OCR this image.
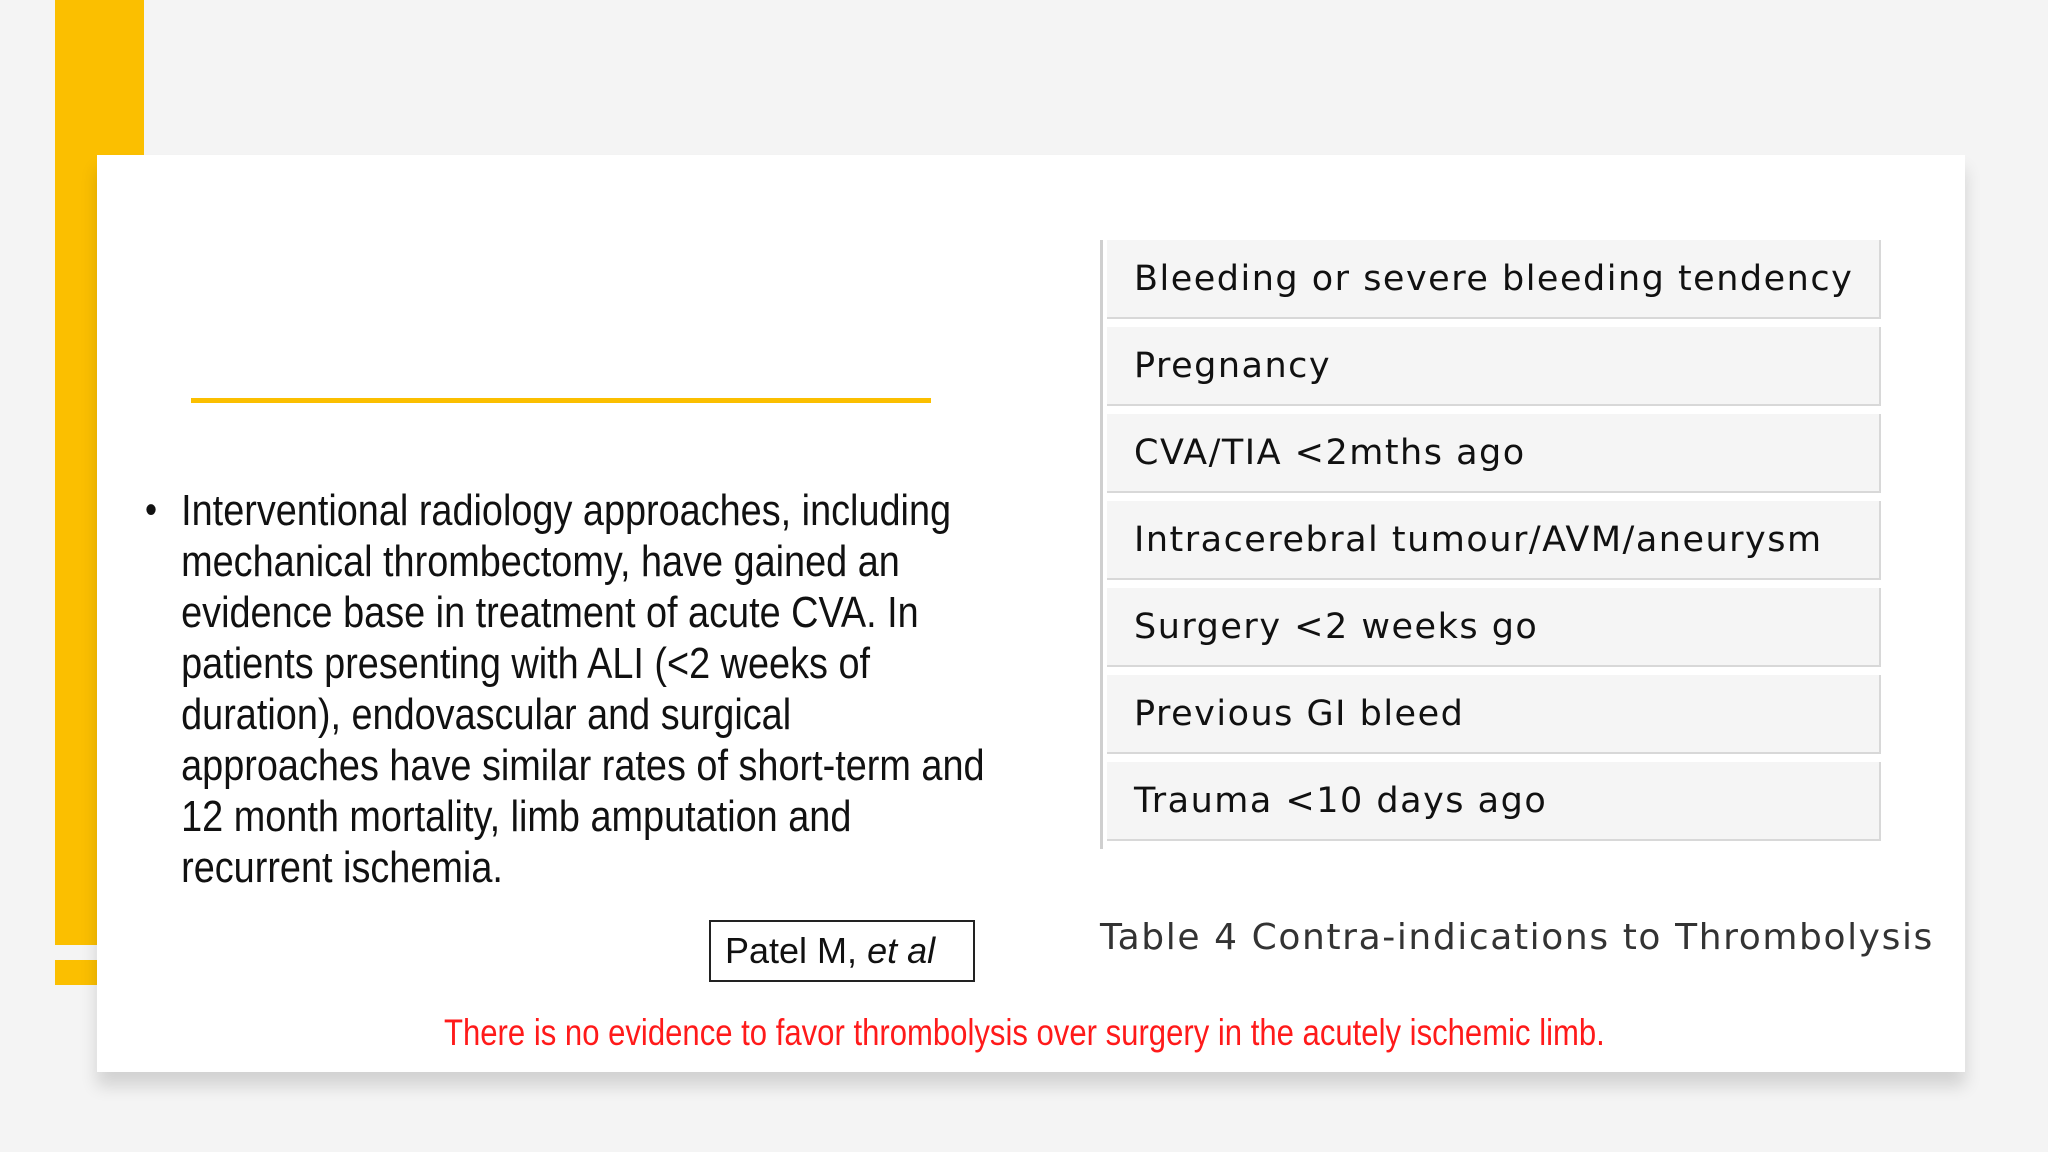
• Interventional radiology approaches, including mechanical thrombectomy, have gained an evidence base in treatment of acute CVA. In patients presenting with ALI (<2 weeks of duration), endovascular and surgical approaches have similar rates of short-term and 12 month mortality, limb amputation and recurrent ischemia.
Bleeding or severe bleeding tendency
Pregnancy
CVA/TIA <2mths ago
Intracerebral tumour/AVM/aneurysm
Surgery <2 weeks go
Previous GI bleed
Trauma <10 days ago
Table 4 Contra-indications to Thrombolysis
Patel M, et al
There is no evidence to favor thrombolysis over surgery in the acutely ischemic limb.
